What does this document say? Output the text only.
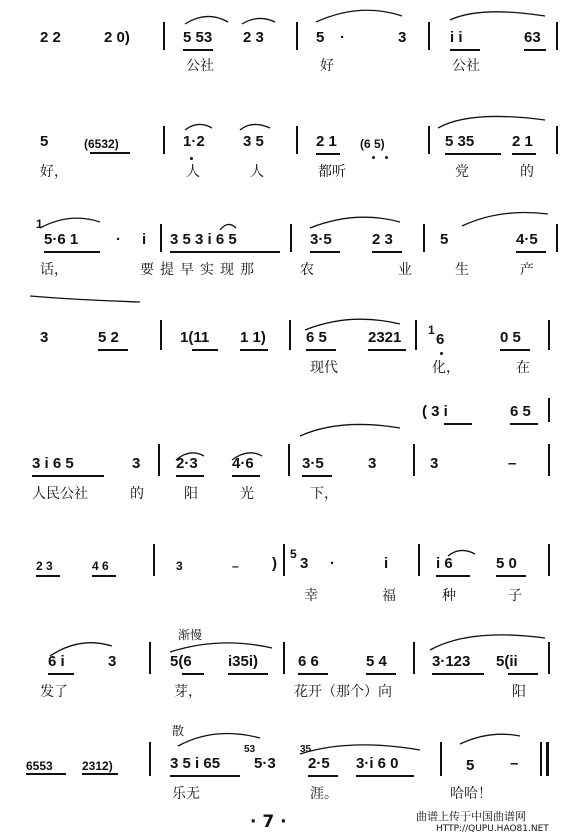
2 2	2 0)	5 53 2 3	5 ·	3	i i	63
公社	好	公社
5	(6532)	1·2	3 5	2 1 (6 5)	5 35	2 1
好，	人	人	都听	党	的
1
5·6 1	· i 3 5 3 i 6 5	3·5	2 3	5	4·5
话，	要提早实现那	农	业	生	产
3	5 2	1(11 1 1)	6 5	2321 1
6	0 5
现代	化，	在
( 3 i	6 5
3 i 6 5	3 2·3 4·6	3·5	3	3	–
人民公社	的	阳	光	下，
2 3	4 6	3	– )
5
3 ·	i	i 6	5 0
幸	福	种	子
渐慢
6 i	3	5(6 i35i)	6 6	5 4	3·123 5(ii
发了	芽，	花开（那个）向	阳
散
6553 2312)	3 5 i 65
53
5·3
35
2·5 3·i 6 0	5 –
乐无	涯。	哈哈！
· 7 ·	曲谱上传于中国曲谱网
HTTP://QUPU.HAO81.NET
